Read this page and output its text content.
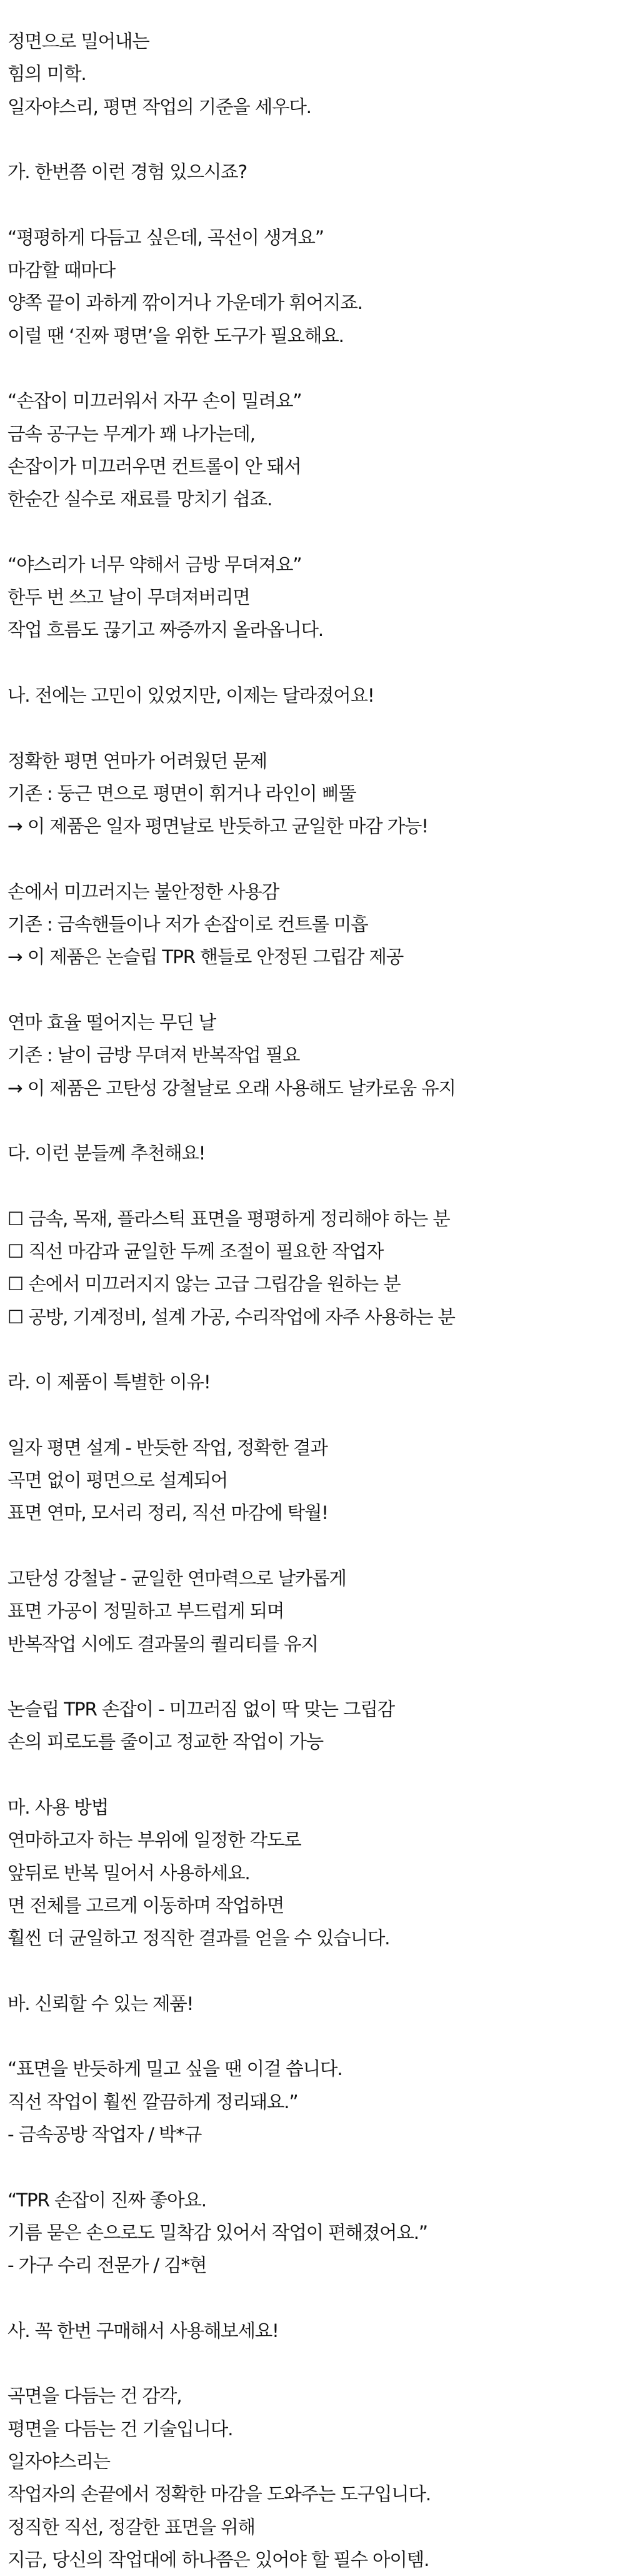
정면으로 밀어내는
힘의 미학.
일자야스리, 평면 작업의 기준을 세우다.
가. 한번쯤 이런 경험 있으시죠?
“평평하게 다듬고 싶은데, 곡선이 생겨요”
마감할 때마다
양쪽 끝이 과하게 깎이거나 가운데가 휘어지죠.
이럴 땐 ‘진짜 평면’을 위한 도구가 필요해요.
“손잡이 미끄러워서 자꾸 손이 밀려요”
금속 공구는 무게가 꽤 나가는데,
손잡이가 미끄러우면 컨트롤이 안 돼서
한순간 실수로 재료를 망치기 쉽죠.
“야스리가 너무 약해서 금방 무뎌져요”
한두 번 쓰고 날이 무뎌져버리면
작업 흐름도 끊기고 짜증까지 올라옵니다.
나. 전에는 고민이 있었지만, 이제는 달라졌어요!
정확한 평면 연마가 어려웠던 문제
기존 : 둥근 면으로 평면이 휘거나 라인이 삐뚤
→ 이 제품은 일자 평면날로 반듯하고 균일한 마감 가능!
손에서 미끄러지는 불안정한 사용감
기존 : 금속핸들이나 저가 손잡이로 컨트롤 미흡
→ 이 제품은 논슬립 TPR 핸들로 안정된 그립감 제공
연마 효율 떨어지는 무딘 날
기존 : 날이 금방 무뎌져 반복작업 필요
→ 이 제품은 고탄성 강철날로 오래 사용해도 날카로움 유지
다. 이런 분들께 추천해요!
☐ 금속, 목재, 플라스틱 표면을 평평하게 정리해야 하는 분
☐ 직선 마감과 균일한 두께 조절이 필요한 작업자
☐ 손에서 미끄러지지 않는 고급 그립감을 원하는 분
☐ 공방, 기계정비, 설계 가공, 수리작업에 자주 사용하는 분
라. 이 제품이 특별한 이유!
일자 평면 설계 - 반듯한 작업, 정확한 결과
곡면 없이 평면으로 설계되어
표면 연마, 모서리 정리, 직선 마감에 탁월!
고탄성 강철날 - 균일한 연마력으로 날카롭게
표면 가공이 정밀하고 부드럽게 되며
반복작업 시에도 결과물의 퀄리티를 유지
논슬립 TPR 손잡이 - 미끄러짐 없이 딱 맞는 그립감
손의 피로도를 줄이고 정교한 작업이 가능
마. 사용 방법
연마하고자 하는 부위에 일정한 각도로
앞뒤로 반복 밀어서 사용하세요.
면 전체를 고르게 이동하며 작업하면
훨씬 더 균일하고 정직한 결과를 얻을 수 있습니다.
바. 신뢰할 수 있는 제품!
“표면을 반듯하게 밀고 싶을 땐 이걸 씁니다.
직선 작업이 훨씬 깔끔하게 정리돼요.”
- 금속공방 작업자 / 박*규
“TPR 손잡이 진짜 좋아요.
기름 묻은 손으로도 밀착감 있어서 작업이 편해졌어요.”
- 가구 수리 전문가 / 김*현
사. 꼭 한번 구매해서 사용해보세요!
곡면을 다듬는 건 감각,
평면을 다듬는 건 기술입니다.
일자야스리는
작업자의 손끝에서 정확한 마감을 도와주는 도구입니다.
정직한 직선, 정갈한 표면을 위해
지금, 당신의 작업대에 하나쯤은 있어야 할 필수 아이템.
